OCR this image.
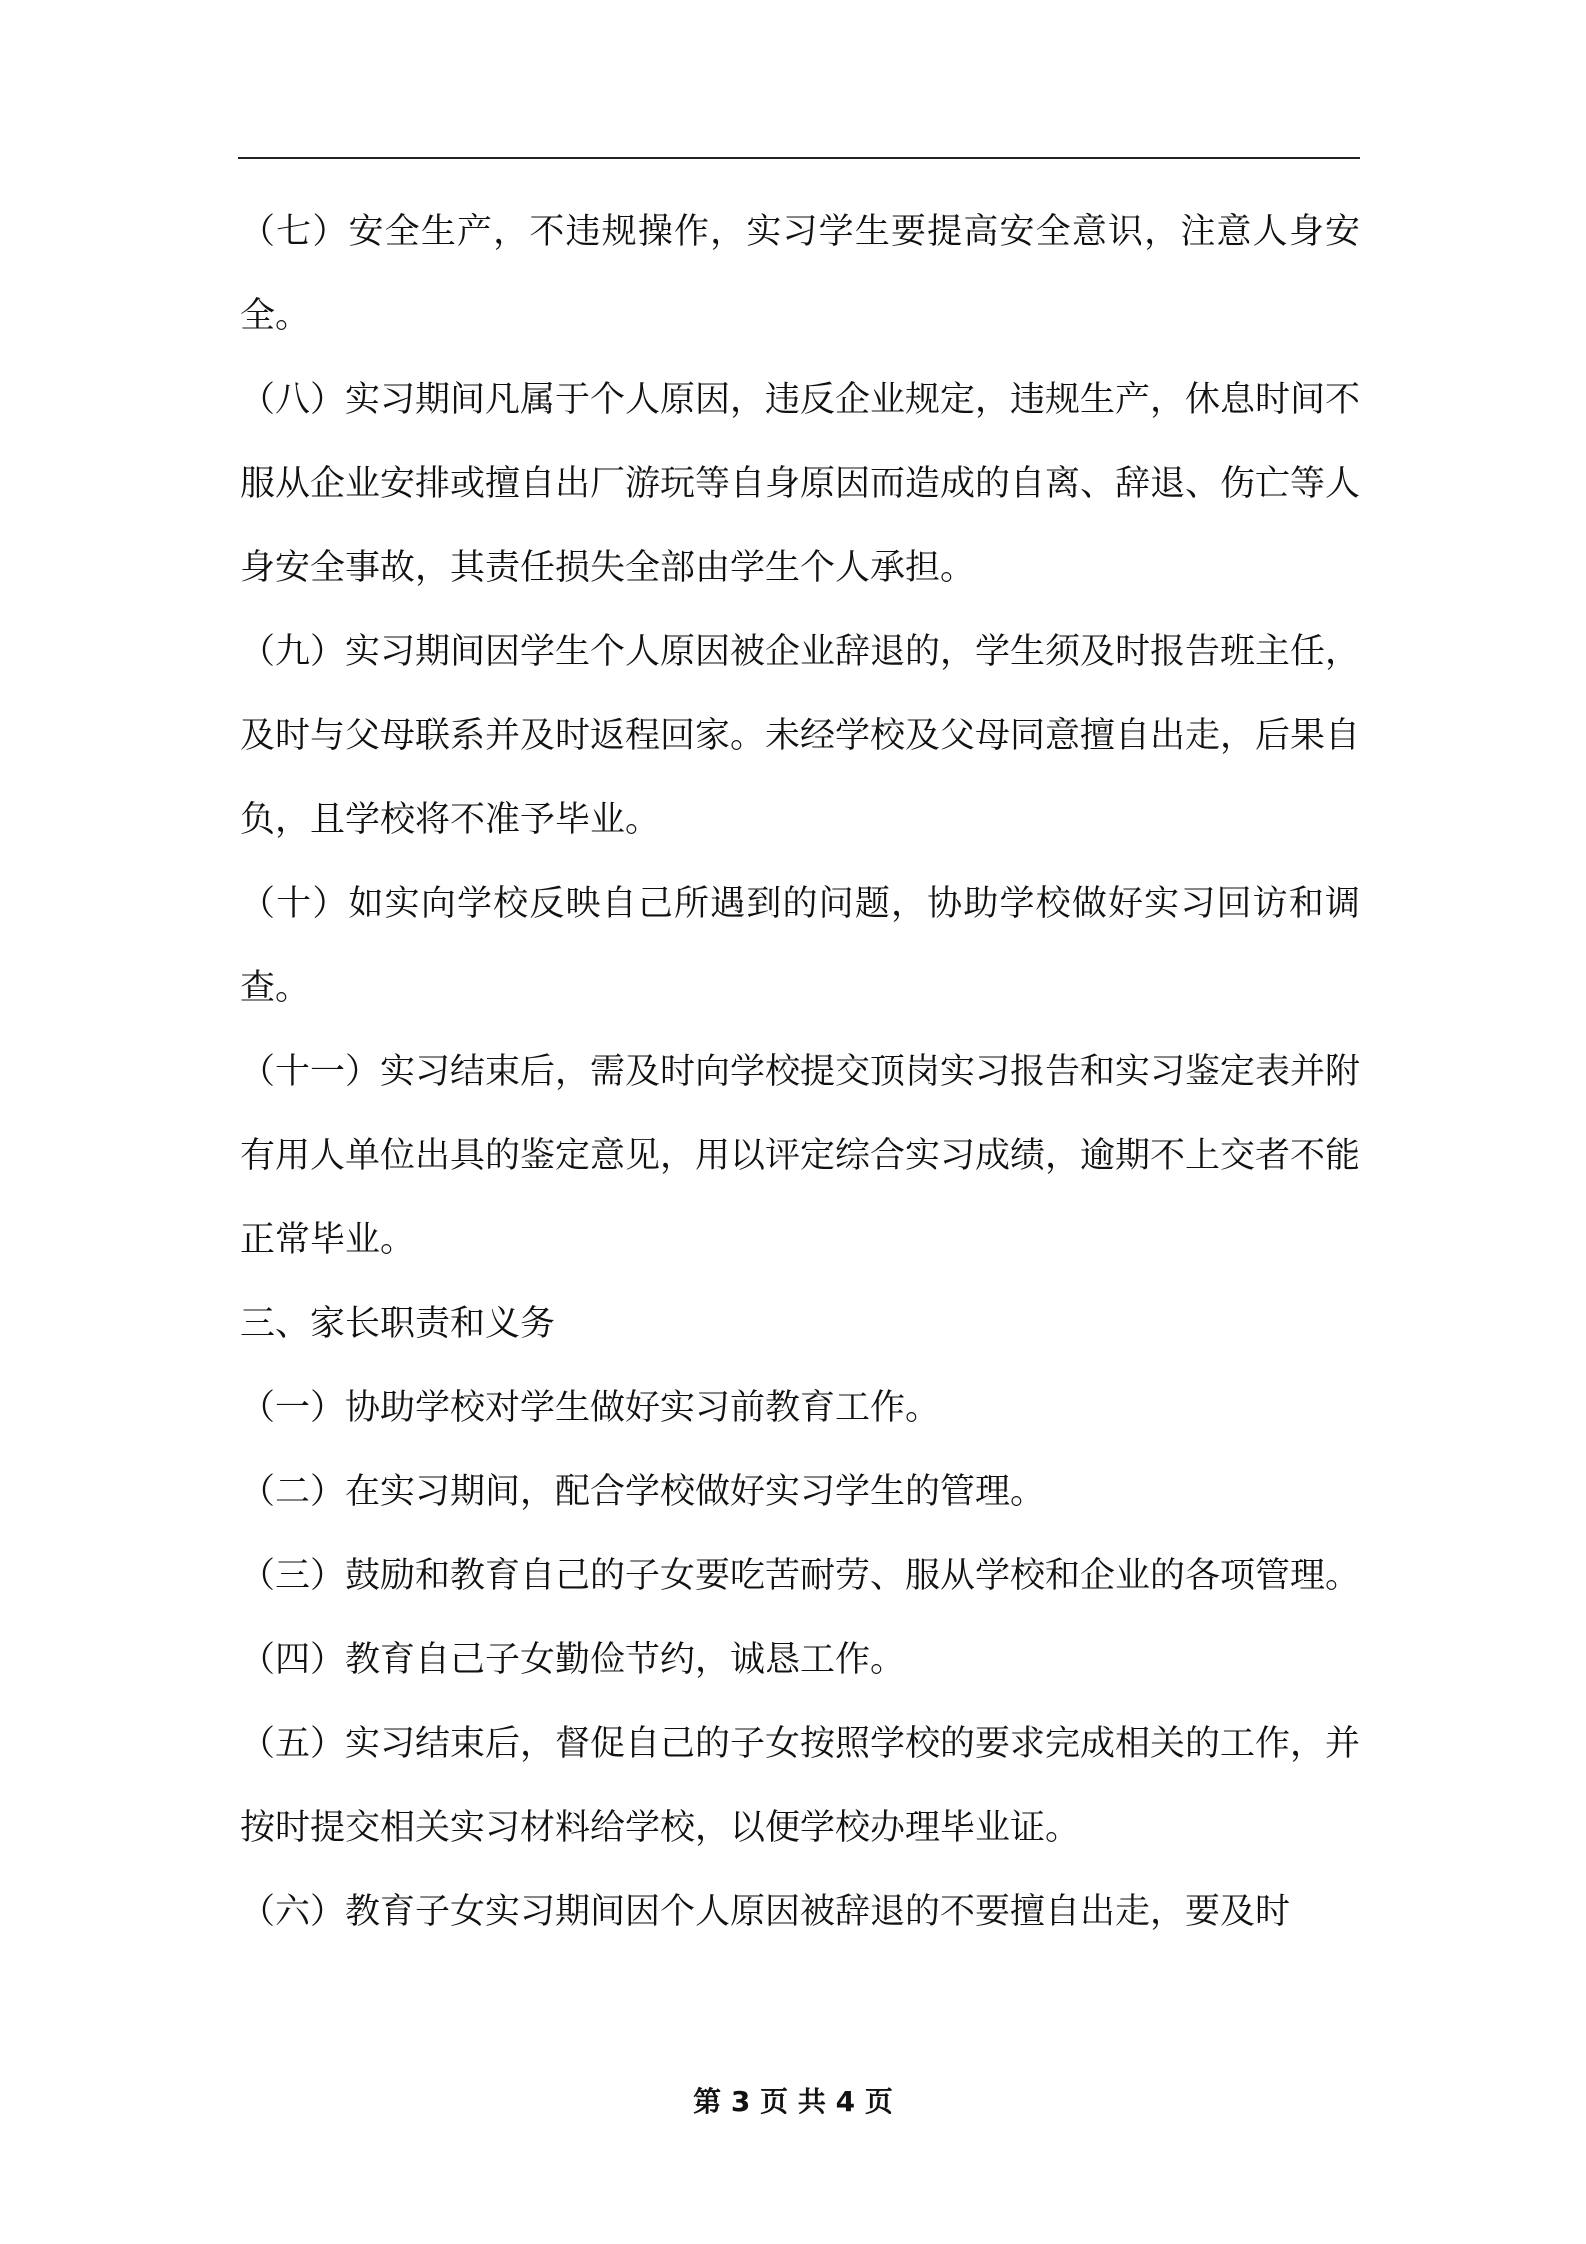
（七）安全生产，不违规操作，实习学生要提高安全意识，注意人身安全。

（八）实习期间凡属于个人原因，违反企业规定，违规生产，休息时间不服从企业安排或擅自出厂游玩等自身原因而造成的自离、辞退、伤亡等人身安全事故，其责任损失全部由学生个人承担。

（九）实习期间因学生个人原因被企业辞退的，学生须及时报告班主任，及时与父母联系并及时返程回家。未经学校及父母同意擅自出走，后果自负，且学校将不准予毕业。

（十）如实向学校反映自己所遇到的问题，协助学校做好实习回访和调查。

（十一）实习结束后，需及时向学校提交顶岗实习报告和实习鉴定表并附有用人单位出具的鉴定意见，用以评定综合实习成绩，逾期不上交者不能正常毕业。

三、家长职责和义务

（一）协助学校对学生做好实习前教育工作。

（二）在实习期间，配合学校做好实习学生的管理。

（三）鼓励和教育自己的子女要吃苦耐劳、服从学校和企业的各项管理。

（四）教育自己子女勤俭节约，诚恳工作。

（五）实习结束后，督促自己的子女按照学校的要求完成相关的工作，并按时提交相关实习材料给学校，以便学校办理毕业证。

（六）教育子女实习期间因个人原因被辞退的不要擅自出走，要及时

第 3 页 共 4 页
